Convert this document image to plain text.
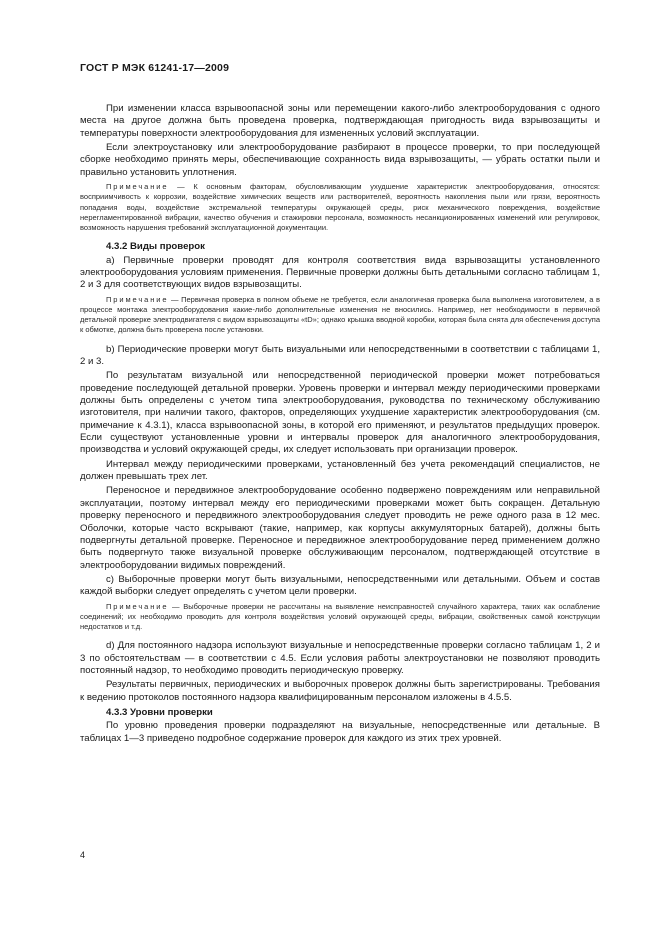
ГОСТ Р МЭК 61241-17—2009

При изменении класса взрывоопасной зоны или перемещении какого-либо электрооборудования с одного места на другое должна быть проведена проверка, подтверждающая пригодность вида взрывозащиты и температуры поверхности электрооборудования для измененных условий эксплуатации.

Если электроустановку или электрооборудование разбирают в процессе проверки, то при последующей сборке необходимо принять меры, обеспечивающие сохранность вида взрывозащиты, — убрать остатки пыли и правильно установить уплотнения.

Примечание — К основным факторам, обусловливающим ухудшение характеристик электрооборудования, относятся: восприимчивость к коррозии, воздействие химических веществ или растворителей, вероятность накопления пыли или грязи, вероятность попадания воды, воздействие экстремальной температуры окружающей среды, риск механического повреждения, воздействие нерегламентированной вибрации, качество обучения и стажировки персонала, возможность несанкционированных изменений или регулировок, возможность нарушения требований эксплуатационной документации.

4.3.2 Виды проверок

a) Первичные проверки проводят для контроля соответствия вида взрывозащиты установленного электрооборудования условиям применения. Первичные проверки должны быть детальными согласно таблицам 1, 2 и 3 для соответствующих видов взрывозащиты.

Примечание — Первичная проверка в полном объеме не требуется, если аналогичная проверка была выполнена изготовителем, а в процессе монтажа электрооборудования какие-либо дополнительные изменения не вносились. Например, нет необходимости в первичной детальной проверке электродвигателя с видом взрывозащиты «tD»; однако крышка вводной коробки, которая была снята для обеспечения доступа к обмотке, должна быть проверена после установки.

b) Периодические проверки могут быть визуальными или непосредственными в соответствии с таблицами 1, 2 и 3.

По результатам визуальной или непосредственной периодической проверки может потребоваться проведение последующей детальной проверки. Уровень проверки и интервал между периодическими проверками должны быть определены с учетом типа электрооборудования, руководства по техническому обслуживанию изготовителя, при наличии такого, факторов, определяющих ухудшение характеристик электрооборудования (см. примечание к 4.3.1), класса взрывоопасной зоны, в которой его применяют, и результатов предыдущих проверок. Если существуют установленные уровни и интервалы проверок для аналогичного электрооборудования, производства и условий окружающей среды, их следует использовать при организации проверок.

Интервал между периодическими проверками, установленный без учета рекомендаций специалистов, не должен превышать трех лет.

Переносное и передвижное электрооборудование особенно подвержено повреждениям или неправильной эксплуатации, поэтому интервал между его периодическими проверками может быть сокращен. Детальную проверку переносного и передвижного электрооборудования следует проводить не реже одного раза в 12 мес. Оболочки, которые часто вскрывают (такие, например, как корпусы аккумуляторных батарей), должны быть подвергнуты детальной проверке. Переносное и передвижное электрооборудование перед применением должно быть подвергнуто также визуальной проверке обслуживающим персоналом, подтверждающей отсутствие в электрооборудовании видимых повреждений.

c) Выборочные проверки могут быть визуальными, непосредственными или детальными. Объем и состав каждой выборки следует определять с учетом цели проверки.

Примечание — Выборочные проверки не рассчитаны на выявление неисправностей случайного характера, таких как ослабление соединений; их необходимо проводить для контроля воздействия условий окружающей среды, вибрации, свойственных самой конструкции недостатков и т.д.

d) Для постоянного надзора используют визуальные и непосредственные проверки согласно таблицам 1, 2 и 3 по обстоятельствам — в соответствии с 4.5. Если условия работы электроустановки не позволяют проводить постоянный надзор, то необходимо проводить периодическую проверку.

Результаты первичных, периодических и выборочных проверок должны быть зарегистрированы. Требования к ведению протоколов постоянного надзора квалифицированным персоналом изложены в 4.5.5.

4.3.3 Уровни проверки

По уровню проведения проверки подразделяют на визуальные, непосредственные или детальные. В таблицах 1—3 приведено подробное содержание проверок для каждого из этих трех уровней.

4
